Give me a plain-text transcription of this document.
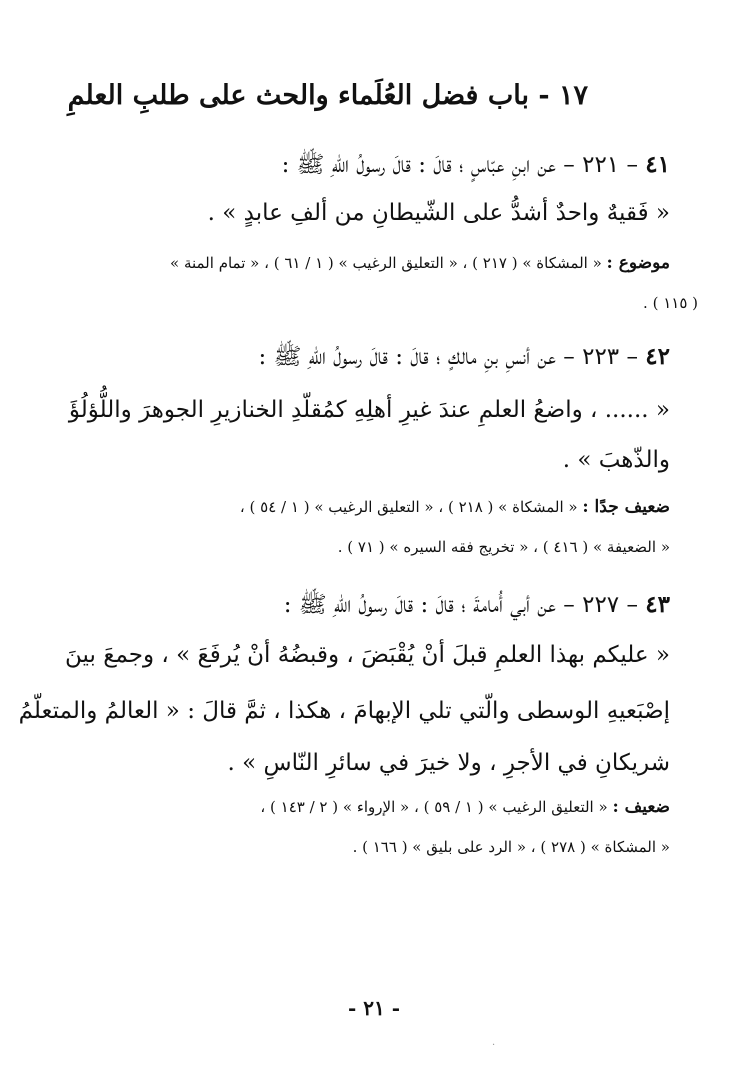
١٧ - باب فضل العُلَماء والحث على طلبِ العلمِ
٤١ – ٢٢١ – عن ابنِ عبّاسٍ ؛ قالَ : قالَ رسولُ اللّهِ ﷺ :
« فَقيهٌ واحدٌ أشدُّ على الشّيطانِ من ألفِ عابدٍ » .
موضوع : « المشكاة » ( ٢١٧ ) ، « التعليق الرغيب » ( ١ / ٦١ ) ، « تمام المنة »
. ( ١١٥ )
٤٢ – ٢٢٣ – عن أنسِ بنِ مالكٍ ؛ قالَ : قالَ رسولُ اللّهِ ﷺ :
« ...... ، واضعُ العلمِ عندَ غيرِ أهلِهِ كمُقلّدِ الخنازيرِ الجوهرَ واللُّؤلُؤَ
والذّهبَ » .
ضعيف جدًا : « المشكاة » ( ٢١٨ ) ، « التعليق الرغيب » ( ١ / ٥٤ ) ،
« الضعيفة » ( ٤١٦ ) ، « تخريج فقه السيره » ( ٧١ ) .
٤٣ – ٢٢٧ – عن أبي أُمامةَ ؛ قالَ : قالَ رسولُ اللّهِ ﷺ :
« عليكم بهذا العلمِ قبلَ أنْ يُقْبَضَ ، وقبضُهُ أنْ يُرفَعَ » ، وجمعَ بينَ
إصْبَعيهِ الوسطى والّتي تلي الإبهامَ ، هكذا ، ثمَّ قالَ : « العالمُ والمتعلّمُ
شريكانِ في الأجرِ ، ولا خيرَ في سائرِ النّاسِ » .
ضعيف : « التعليق الرغيب » ( ١ / ٥٩ ) ، « الإرواء » ( ٢ / ١٤٣ ) ،
« المشكاة » ( ٢٧٨ ) ، « الرد على بليق » ( ١٦٦ ) .
- ٢١ -
·
